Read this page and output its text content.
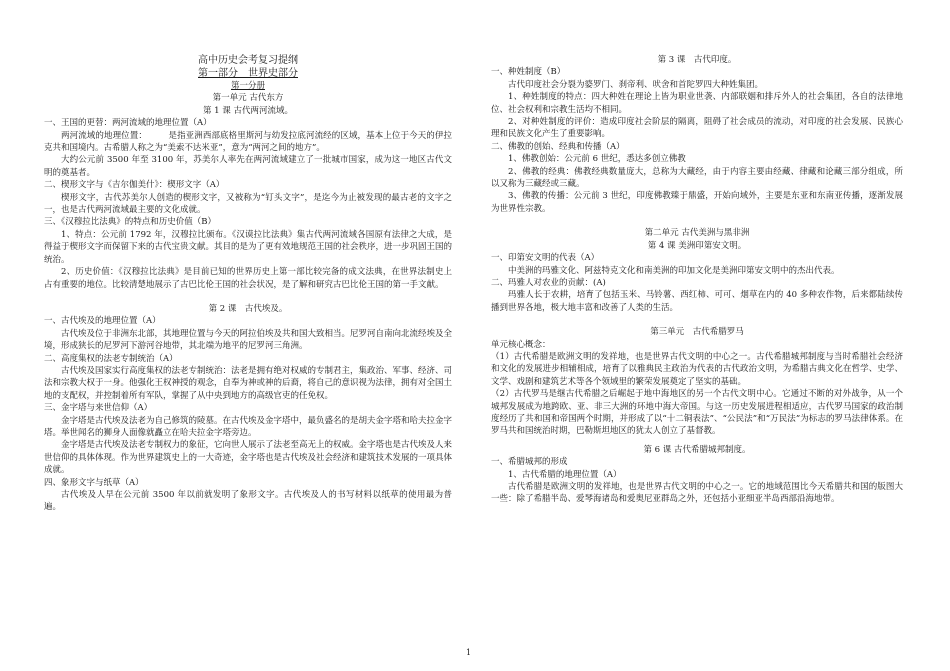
高中历史会考复习提纲

第一部分　世界史部分

第一分册

第一单元 古代东方

第 1 课 古代两河流域。

一、王国的更替：两河流域的地理位置（A）

两河流域的地理位置：　　　是指亚洲西部底格里斯河与幼发拉底河流经的区域，基本上位于今天的伊拉克共和国境内。古希腊人称之为“美索不达米亚”，意为“两河之间的地方”。

大约公元前 3500 年至 3100 年，苏美尔人率先在两河流域建立了一批城市国家，成为这一地区古代文明的奠基者。

二、楔形文字与《吉尔伽美什》：楔形文字（A）

楔形文字，古代苏美尔人创造的楔形文字，又被称为“钉头文字”，是迄今为止被发现的最古老的文字之一，也是古代两河流域最主要的文化成就。

三、《汉穆拉比法典》的特点和历史价值（B）

1、特点：公元前 1792 年，汉穆拉比颁布。《汉谟拉比法典》集古代两河流域各国原有法律之大成，是得益于楔形文字而保留下来的古代宝贵文献。其目的是为了更有效地规范王国的社会秩序，进一步巩固王国的统治。

2、历史价值：《汉穆拉比法典》是目前已知的世界历史上第一部比较完备的成文法典，在世界法制史上占有重要的地位。比较清楚地展示了古巴比伦王国的社会状况，是了解和研究古巴比伦王国的第一手文献。

第 2 课　古代埃及。

一、古代埃及的地理位置（A）

古代埃及位于非洲东北部，其地理位置与今天的阿拉伯埃及共和国大致相当。尼罗河自南向北流经埃及全境，形成狭长的尼罗河下游河谷地带，其北端为地平的尼罗河三角洲。

二、高度集权的法老专制统治（A）

古代埃及国家实行高度集权的法老专制统治：法老是拥有绝对权威的专制君主，集政治、军事、经济、司法和宗教大权于一身。他强化王权神授的观念，自奉为神或神的后裔，将自己的意识视为法律，拥有对全国土地的支配权，并控制着所有军队，掌握了从中央到地方的高级官吏的任免权。

三、金字塔与来世信仰（A）

金字塔是古代埃及法老为自己修筑的陵墓。在古代埃及金字塔中，最负盛名的是胡夫金字塔和哈夫拉金字塔。举世闻名的狮身人面像就矗立在哈夫拉金字塔旁边。

金字塔是古代埃及法老专制权力的象征，它向世人展示了法老至高无上的权威。金字塔也是古代埃及人来世信仰的具体体现。作为世界建筑史上的一大奇迹，金字塔也是古代埃及社会经济和建筑技术发展的一项具体成就。

四、象形文字与纸草（A）

古代埃及人早在公元前 3500 年以前就发明了象形文字。古代埃及人的书写材料以纸草的使用最为普遍。

第 3 课　古代印度。

一、种姓制度（B）

古代印度社会分裂为婆罗门、刹帝利、吠舍和首陀罗四大种姓集团。

1、种姓制度的特点：四大种姓在理论上皆为职业世袭、内部联姻和排斥外人的社会集团，各自的法律地位、社会权利和宗教生活均不相同。

2、对种姓制度的评价：造成印度社会阶层的隔离，阻碍了社会成员的流动，对印度的社会发展、民族心理和民族文化产生了重要影响。

二、佛教的创始、经典和传播（A）

1、佛教创始：公元前 6 世纪，悉达多创立佛教

2、佛教的经典：佛教经典数量庞大，总称为大藏经，由于内容主要由经藏、律藏和论藏三部分组成，所以又称为三藏经或三藏。

3、佛教的传播：公元前 3 世纪，印度佛教臻于鼎盛，开始向域外，主要是东亚和东南亚传播，逐渐发展为世界性宗教。

第二单元 古代美洲与黑非洲

第 4 课 美洲印第安文明。

一、印第安文明的代表（A）

中美洲的玛雅文化、阿兹特克文化和南美洲的印加文化是美洲印第安文明中的杰出代表。

二、玛雅人对农业的贡献：(A)

玛雅人长于农耕，培育了包括玉米、马铃薯、西红柿、可可、烟草在内的 40 多种农作物，后来都陆续传播到世界各地，极大地丰富和改善了人类的生活。

第三单元　古代希腊罗马

单元核心概念：

（1）古代希腊是欧洲文明的发祥地，也是世界古代文明的中心之一。古代希腊城邦制度与当时希腊社会经济和文化的发展进步相辅相成，培育了以雅典民主政治为代表的古代政治文明，为希腊古典文化在哲学、史学、文学、戏剧和建筑艺术等各个领域里的繁荣发展奠定了坚实的基础。

（2）古代罗马是继古代希腊之后崛起于地中海地区的另一个古代文明中心。它通过不断的对外战争，从一个城邦发展成为地跨欧、亚、非三大洲的环地中海大帝国。与这一历史发展进程相适应，古代罗马国家的政治制度经历了共和国和帝国两个时期，并形成了以“十二铜表法”、“公民法”和“万民法”为标志的罗马法律体系。在罗马共和国统治时期，巴勒斯坦地区的犹太人创立了基督教。

第 6 课 古代希腊城邦制度。

一、希腊城邦的形成

1、古代希腊的地理位置（A）

古代希腊是欧洲文明的发祥地，也是世界古代文明的中心之一。它的地域范围比今天希腊共和国的版图大一些：除了希腊半岛、爱琴海诸岛和爱奥尼亚群岛之外，还包括小亚细亚半岛西部沿海地带。

1
